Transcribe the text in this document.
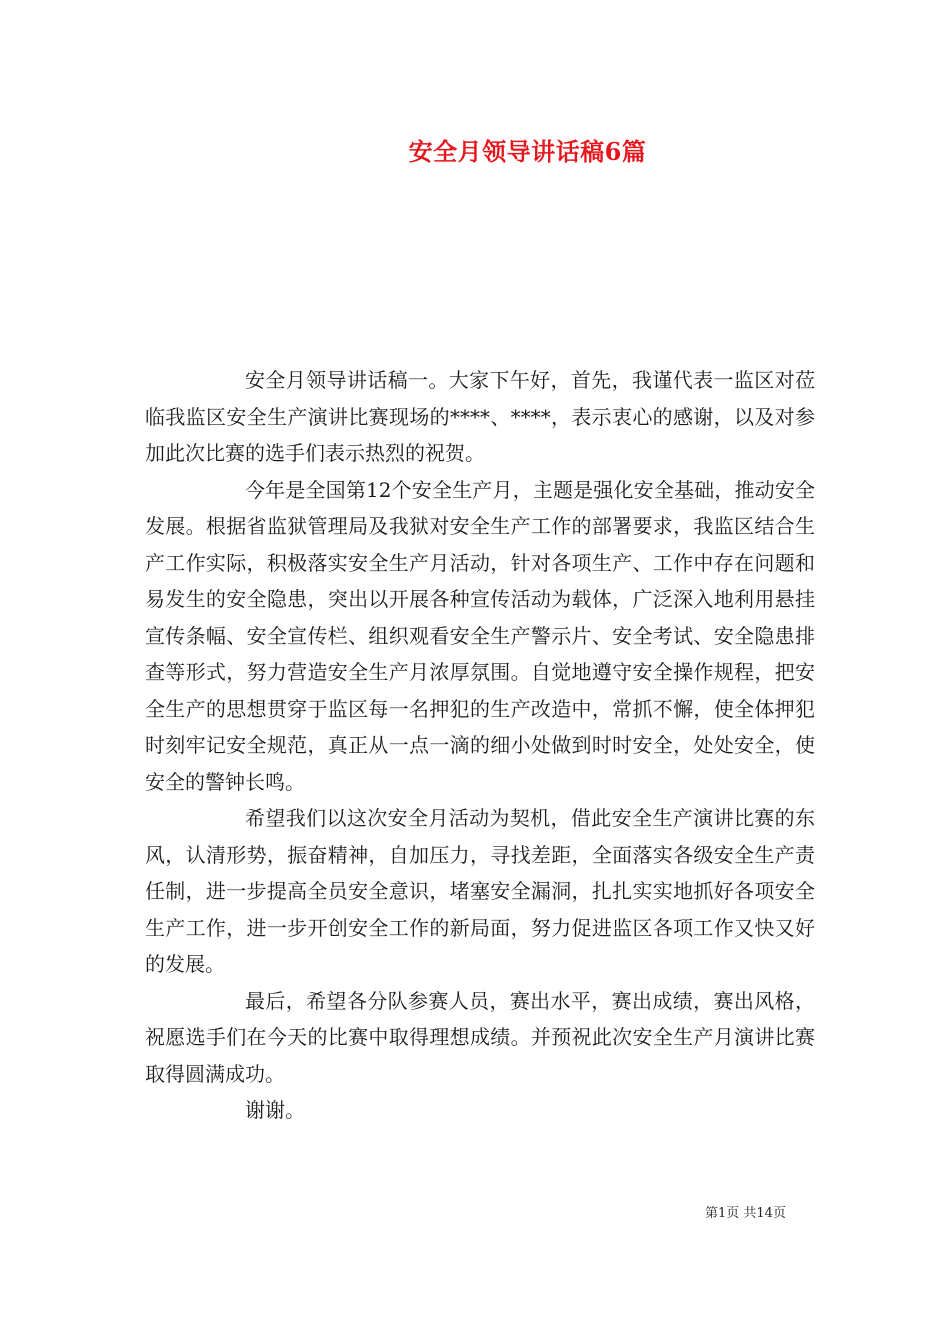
安全月领导讲话稿6篇

安全月领导讲话稿一。大家下午好，首先，我谨代表一监区对莅临我监区安全生产演讲比赛现场的****、****，表示衷心的感谢，以及对参加此次比赛的选手们表示热烈的祝贺。

今年是全国第12个安全生产月，主题是强化安全基础，推动安全发展。根据省监狱管理局及我狱对安全生产工作的部署要求，我监区结合生产工作实际，积极落实安全生产月活动，针对各项生产、工作中存在问题和易发生的安全隐患，突出以开展各种宣传活动为载体，广泛深入地利用悬挂宣传条幅、安全宣传栏、组织观看安全生产警示片、安全考试、安全隐患排查等形式，努力营造安全生产月浓厚氛围。自觉地遵守安全操作规程，把安全生产的思想贯穿于监区每一名押犯的生产改造中，常抓不懈，使全体押犯时刻牢记安全规范，真正从一点一滴的细小处做到时时安全，处处安全，使安全的警钟长鸣。

希望我们以这次安全月活动为契机，借此安全生产演讲比赛的东风，认清形势，振奋精神，自加压力，寻找差距，全面落实各级安全生产责任制，进一步提高全员安全意识，堵塞安全漏洞，扎扎实实地抓好各项安全生产工作，进一步开创安全工作的新局面，努力促进监区各项工作又快又好的发展。

最后，希望各分队参赛人员，赛出水平，赛出成绩，赛出风格，祝愿选手们在今天的比赛中取得理想成绩。并预祝此次安全生产月演讲比赛取得圆满成功。

谢谢。

第1页 共14页
